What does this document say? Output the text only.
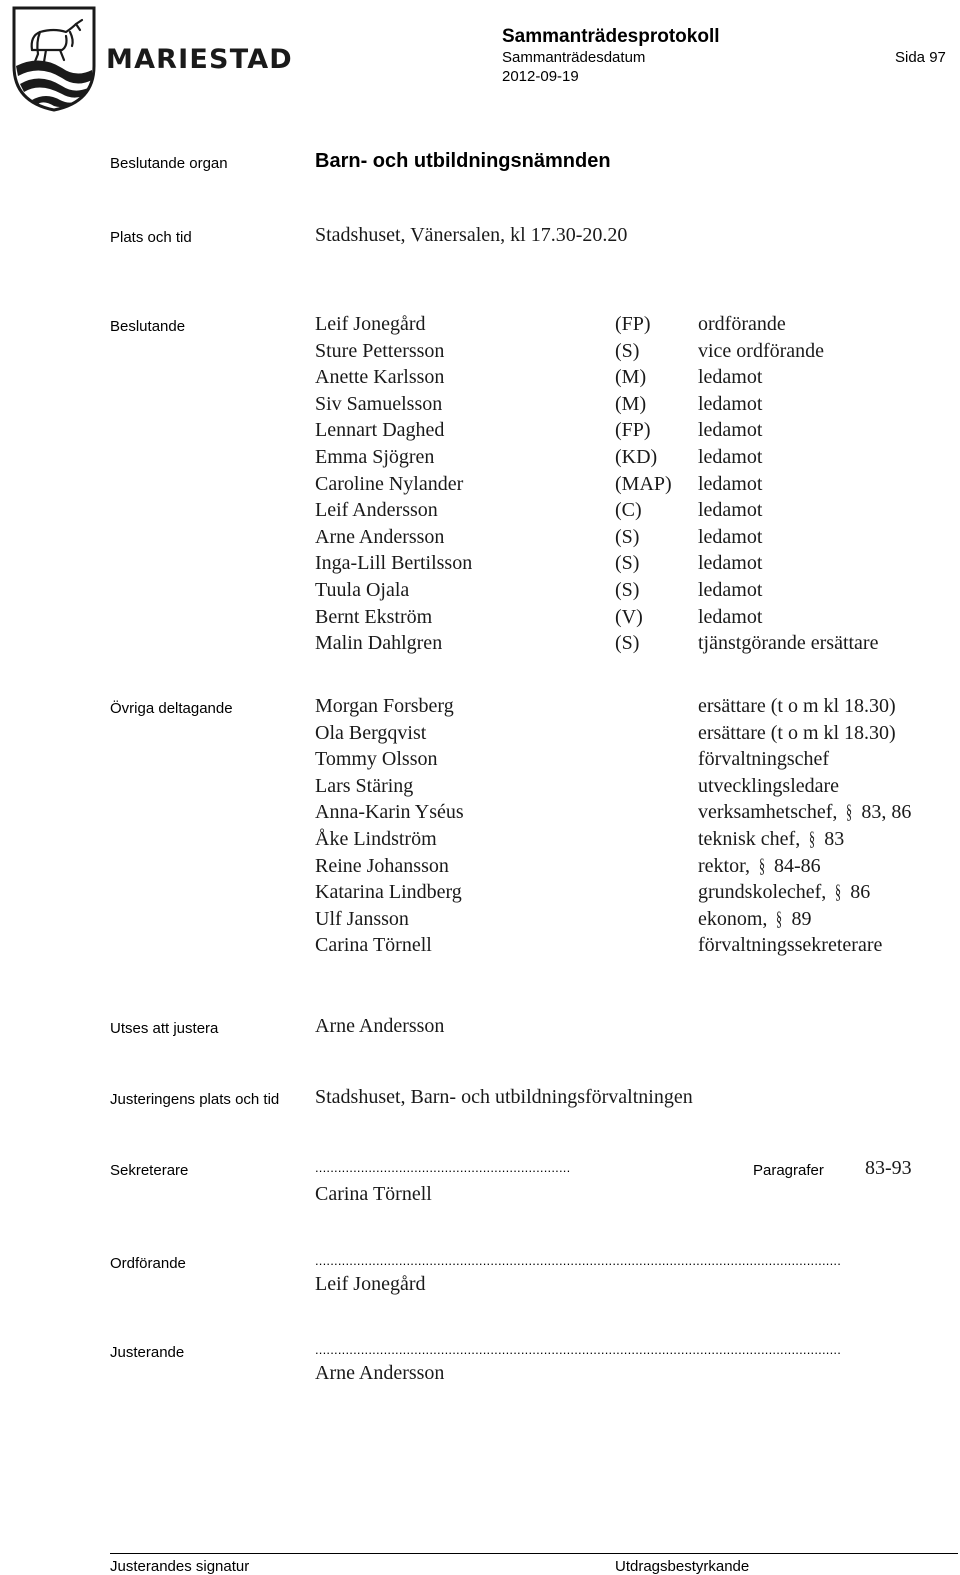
MARIESTAD
Sammanträdesprotokoll
Sammanträdesdatum
2012-09-19
Sida 97
Beslutande organ	Barn- och utbildningsnämnden
Plats och tid	Stadshuset, Vänersalen, kl 17.30-20.20
Beslutande	Leif Jonegård	(FP) ordförande
Sture Pettersson	(S)	vice ordförande
Anette Karlsson	(M)	ledamot
Siv Samuelsson	(M)	ledamot
Lennart Daghed	(FP) ledamot
Emma Sjögren	(KD) ledamot
Caroline Nylander	(MAP) ledamot
Leif Andersson	(C)	ledamot
Arne Andersson	(S)	ledamot
Inga-Lill Bertilsson	(S)	ledamot
Tuula Ojala	(S)	ledamot
Bernt Ekström	(V)	ledamot
Malin Dahlgren	(S)	tjänstgörande ersättare
Övriga deltagande	Morgan Forsberg	ersättare (t o m kl 18.30)
Ola Bergqvist	ersättare (t o m kl 18.30)
Tommy Olsson	förvaltningschef
Lars Stäring	utvecklingsledare
Anna-Karin Yséus	verksamhetschef, § 83, 86
Åke Lindström	teknisk chef, § 83
Reine Johansson	rektor, § 84-86
Katarina Lindberg	grundskolechef, § 86
Ulf Jansson	ekonom, § 89
Carina Törnell	förvaltningssekreterare
Utses att justera	Arne Andersson
Justeringens plats och tid Stadshuset, Barn- och utbildningsförvaltningen
Sekreterare	...................................................................	Paragrafer 83-93
Carina Törnell
Ordförande	..........................................................................................................................................
Leif Jonegård
Justerande	..........................................................................................................................................
Arne Andersson
Justerandes signatur	Utdragsbestyrkande
